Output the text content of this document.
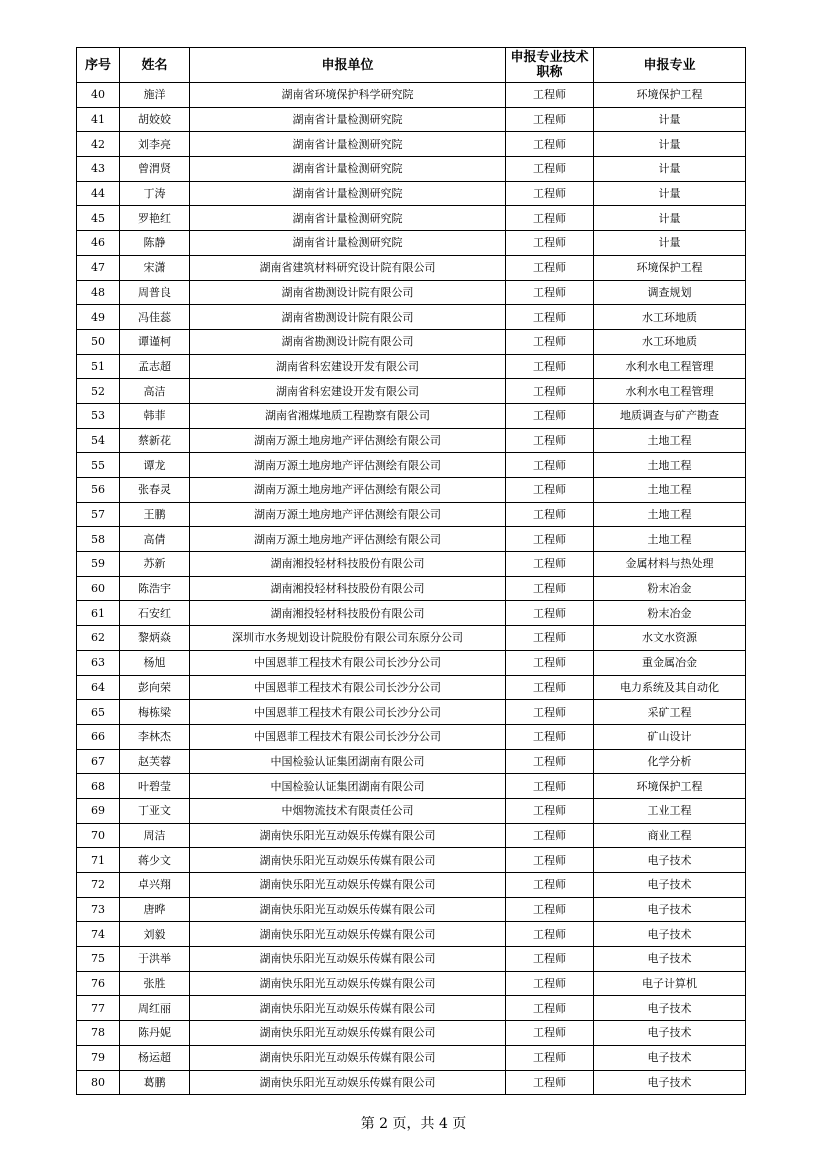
序号	姓名	申报单位	申报专业技术职称	申报专业
40	施洋	湖南省环境保护科学研究院	工程师	环境保护工程
41	胡姣姣	湖南省计量检测研究院	工程师	计量
42	刘李亮	湖南省计量检测研究院	工程师	计量
43	曾渭贤	湖南省计量检测研究院	工程师	计量
44	丁涛	湖南省计量检测研究院	工程师	计量
45	罗艳红	湖南省计量检测研究院	工程师	计量
46	陈静	湖南省计量检测研究院	工程师	计量
47	宋潇	湖南省建筑材料研究设计院有限公司	工程师	环境保护工程
48	周普良	湖南省勘测设计院有限公司	工程师	调查规划
49	冯佳蕊	湖南省勘测设计院有限公司	工程师	水工环地质
50	谭谨柯	湖南省勘测设计院有限公司	工程师	水工环地质
51	孟志超	湖南省科宏建设开发有限公司	工程师	水利水电工程管理
52	高洁	湖南省科宏建设开发有限公司	工程师	水利水电工程管理
53	韩菲	湖南省湘煤地质工程勘察有限公司	工程师	地质调查与矿产勘查
54	蔡新花	湖南万源土地房地产评估测绘有限公司	工程师	土地工程
55	谭龙	湖南万源土地房地产评估测绘有限公司	工程师	土地工程
56	张春灵	湖南万源土地房地产评估测绘有限公司	工程师	土地工程
57	王鹏	湖南万源土地房地产评估测绘有限公司	工程师	土地工程
58	高倩	湖南万源土地房地产评估测绘有限公司	工程师	土地工程
59	苏新	湖南湘投轻材科技股份有限公司	工程师	金属材料与热处理
60	陈浩宇	湖南湘投轻材科技股份有限公司	工程师	粉末冶金
61	石安红	湖南湘投轻材科技股份有限公司	工程师	粉末冶金
62	黎炳焱	深圳市水务规划设计院股份有限公司东原分公司	工程师	水文水资源
63	杨旭	中国恩菲工程技术有限公司长沙分公司	工程师	重金属冶金
64	彭向荣	中国恩菲工程技术有限公司长沙分公司	工程师	电力系统及其自动化
65	梅栋梁	中国恩菲工程技术有限公司长沙分公司	工程师	采矿工程
66	李林杰	中国恩菲工程技术有限公司长沙分公司	工程师	矿山设计
67	赵芙蓉	中国检验认证集团湖南有限公司	工程师	化学分析
68	叶碧莹	中国检验认证集团湖南有限公司	工程师	环境保护工程
69	丁亚文	中烟物流技术有限责任公司	工程师	工业工程
70	周洁	湖南快乐阳光互动娱乐传媒有限公司	工程师	商业工程
71	蒋少文	湖南快乐阳光互动娱乐传媒有限公司	工程师	电子技术
72	卓兴翔	湖南快乐阳光互动娱乐传媒有限公司	工程师	电子技术
73	唐晔	湖南快乐阳光互动娱乐传媒有限公司	工程师	电子技术
74	刘毅	湖南快乐阳光互动娱乐传媒有限公司	工程师	电子技术
75	于洪举	湖南快乐阳光互动娱乐传媒有限公司	工程师	电子技术
76	张胜	湖南快乐阳光互动娱乐传媒有限公司	工程师	电子计算机
77	周红丽	湖南快乐阳光互动娱乐传媒有限公司	工程师	电子技术
78	陈丹妮	湖南快乐阳光互动娱乐传媒有限公司	工程师	电子技术
79	杨运超	湖南快乐阳光互动娱乐传媒有限公司	工程师	电子技术
80	葛鹏	湖南快乐阳光互动娱乐传媒有限公司	工程师	电子技术
第 2 页，共 4 页
